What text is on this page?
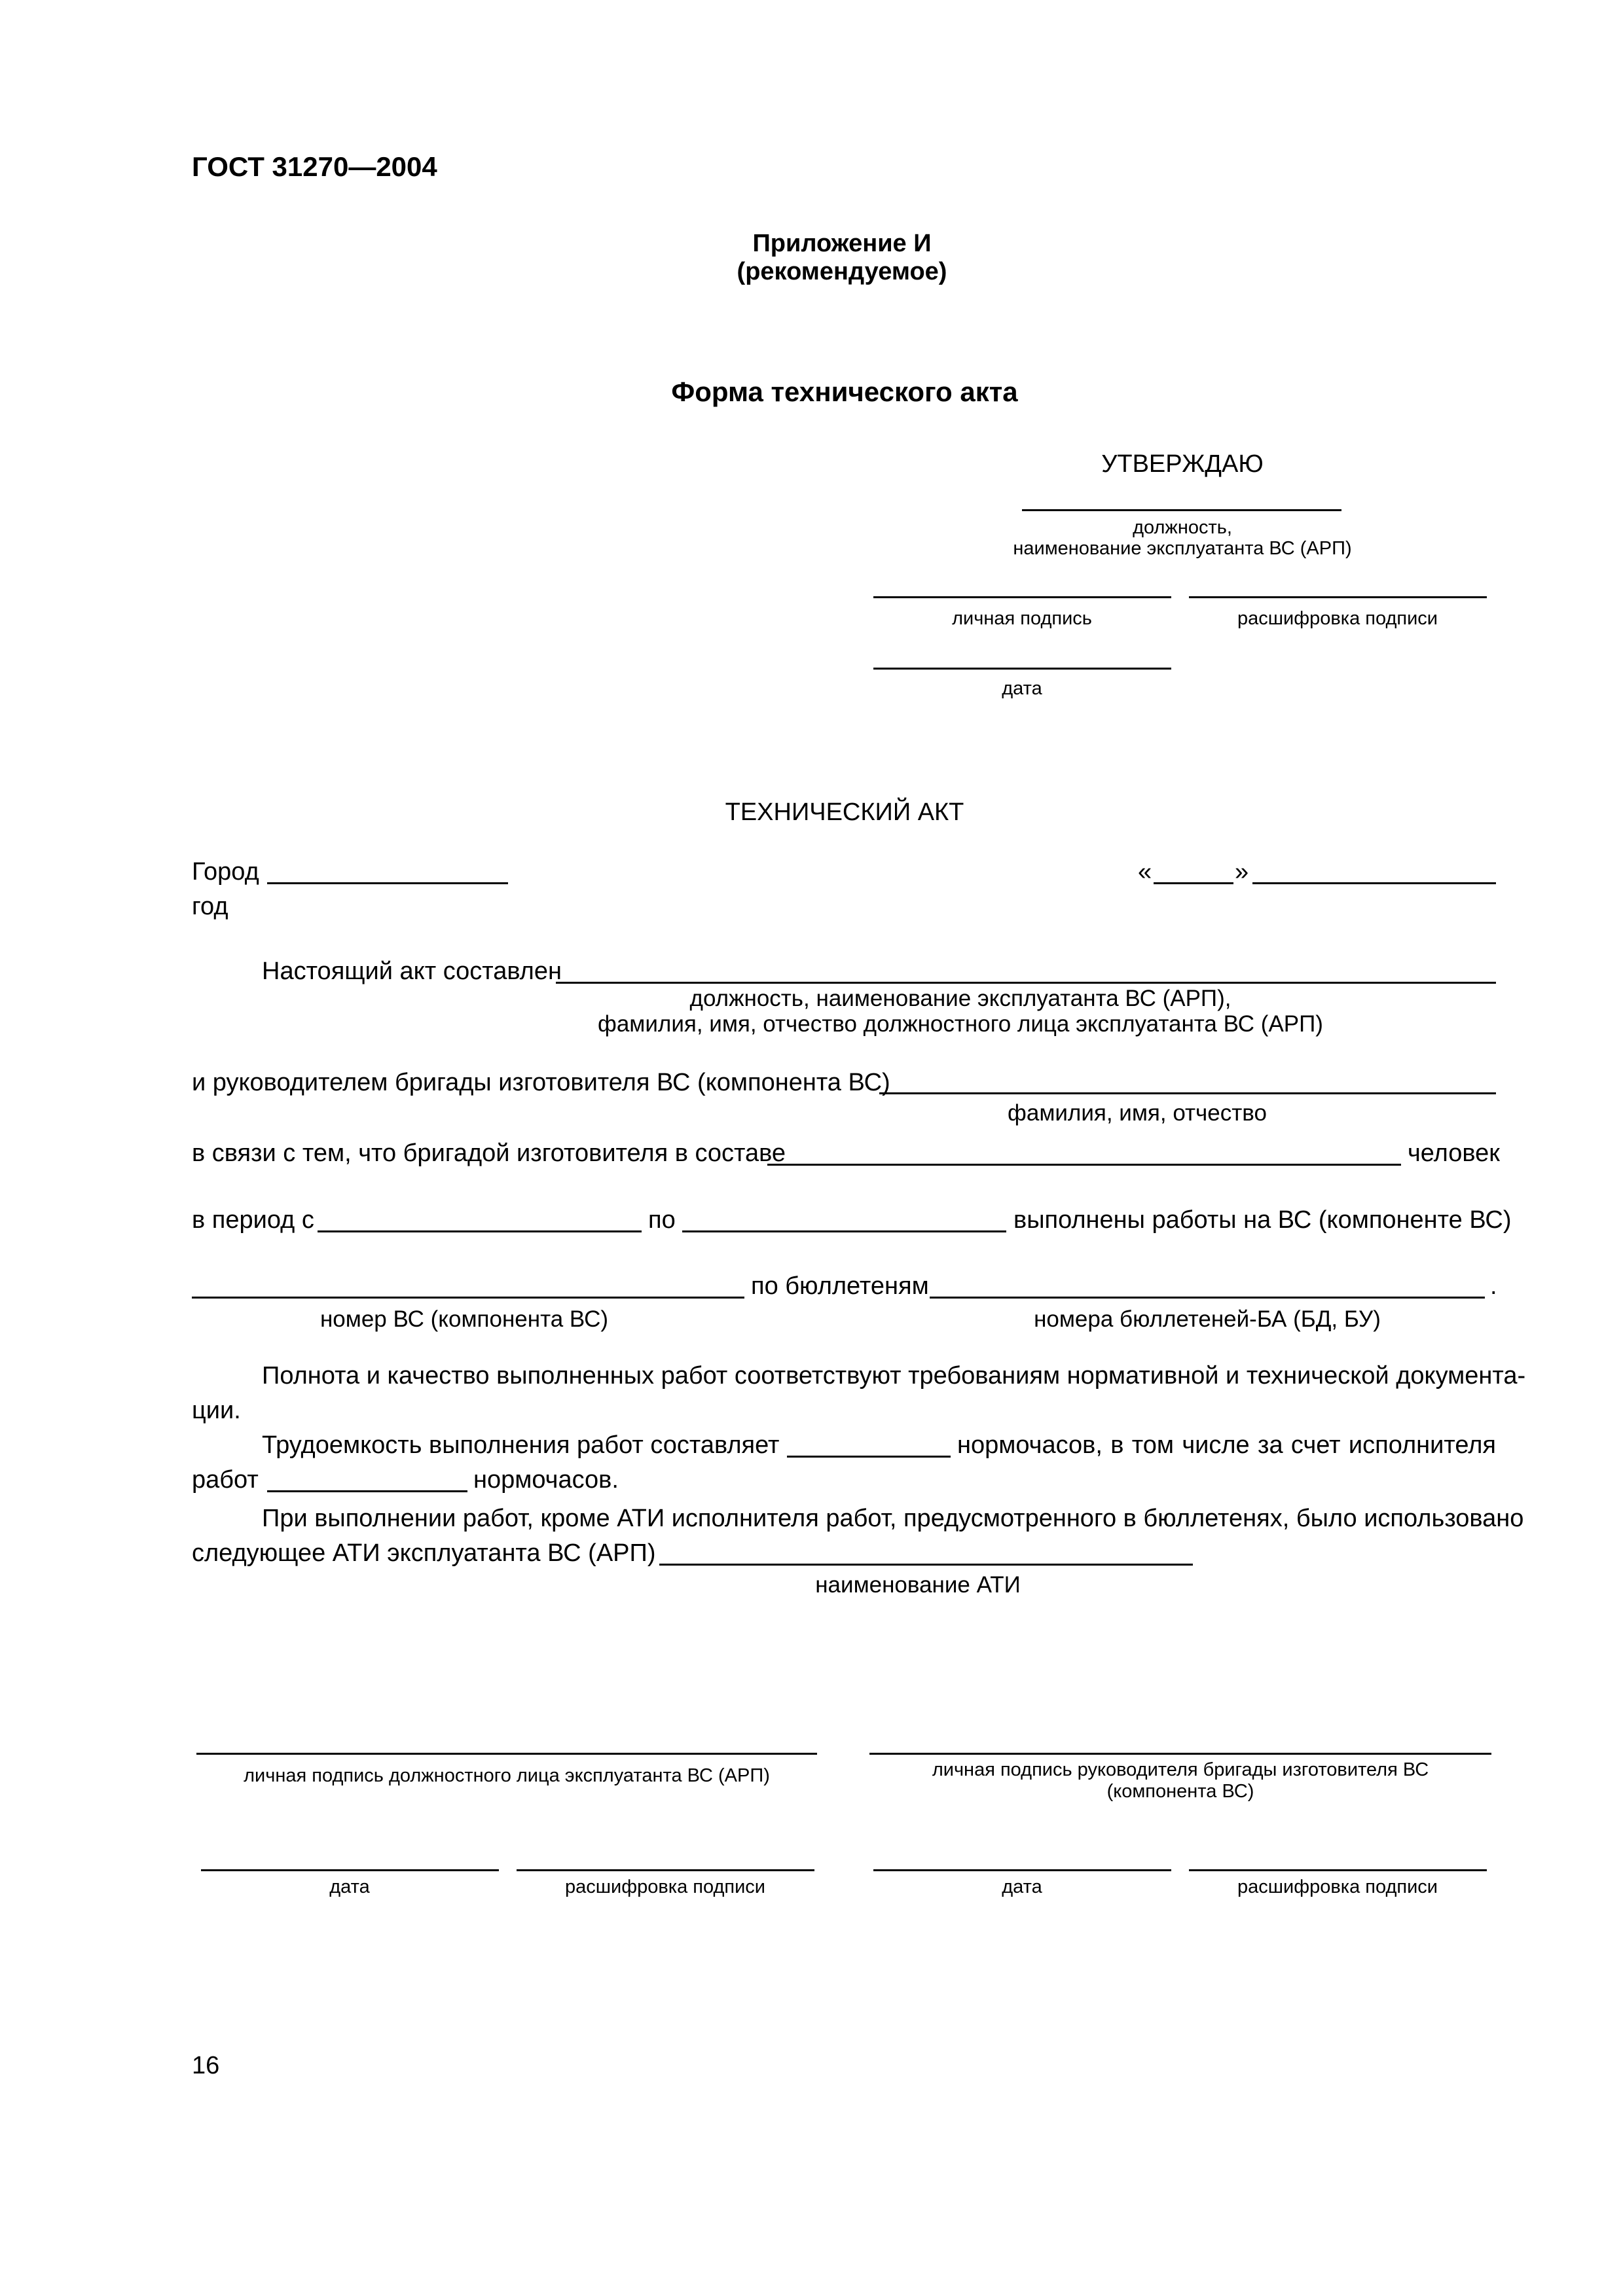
ГОСТ 31270—2004
Приложение И
(рекомендуемое)
Форма технического акта
УТВЕРЖДАЮ
должность,
наименование эксплуатанта ВС (АРП)
личная подпись	расшифровка подписи
дата
ТЕХНИЧЕСКИЙ АКТ
Город	«	»
год
Настоящий акт составлен
должность, наименование эксплуатанта ВС (АРП),
фамилия, имя, отчество должностного лица эксплуатанта ВС (АРП)
и руководителем бригады изготовителя ВС (компонента ВС)
фамилия, имя, отчество
в связи с тем, что бригадой изготовителя в составе	человек
в период с	по	выполнены работы на ВС (компоненте ВС)
по бюллетеням	.
номер ВС (компонента ВС)	номера бюллетеней-БА (БД, БУ)
Полнота и качество выполненных работ соответствуют требованиям нормативной и технической документа-
ции.
Трудоемкость выполнения работ составляет	нормочасов, в том числе за счет исполнителя
работ	нормочасов.
При выполнении работ, кроме АТИ исполнителя работ, предусмотренного в бюллетенях, было использовано
следующее АТИ эксплуатанта ВС (АРП)
наименование АТИ
личная подпись должностного лица эксплуатанта ВС (АРП)	личная подпись руководителя бригады изготовителя ВС
(компонента ВС)
дата	расшифровка подписи	дата	расшифровка подписи
16
